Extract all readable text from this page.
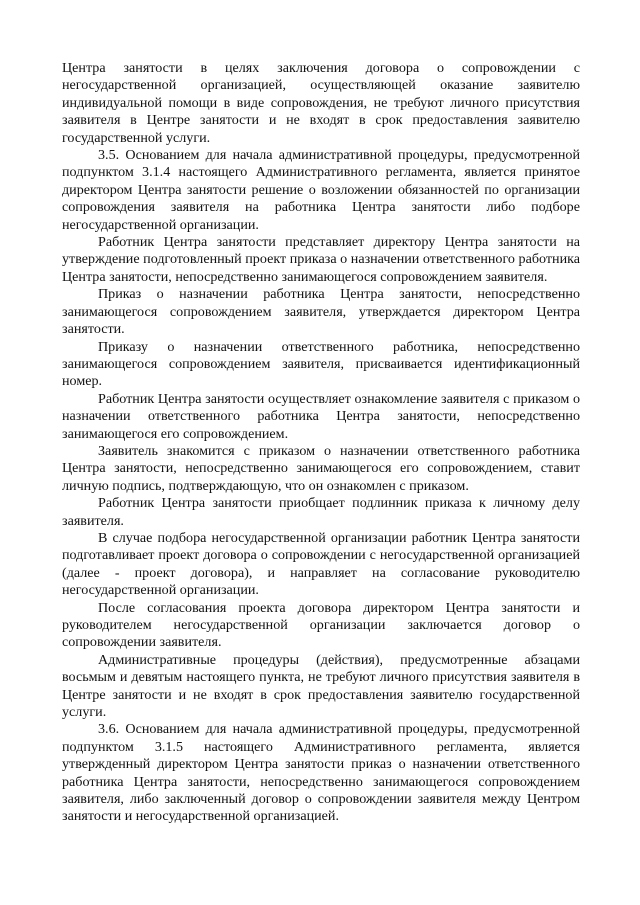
Центра занятости в целях заключения договора о сопровождении с негосударственной организацией, осуществляющей оказание заявителю индивидуальной помощи в виде сопровождения, не требуют личного присутствия заявителя в Центре занятости и не входят в срок предоставления заявителю государственной услуги.

3.5. Основанием для начала административной процедуры, предусмотренной подпунктом 3.1.4 настоящего Административного регламента, является принятое директором Центра занятости решение о возложении обязанностей по организации сопровождения заявителя на работника Центра занятости либо подборе негосударственной организации.

Работник Центра занятости представляет директору Центра занятости на утверждение подготовленный проект приказа о назначении ответственного работника Центра занятости, непосредственно занимающегося сопровождением заявителя.

Приказ о назначении работника Центра занятости, непосредственно занимающегося сопровождением заявителя, утверждается директором Центра занятости.

Приказу о назначении ответственного работника, непосредственно занимающегося сопровождением заявителя, присваивается идентификационный номер.

Работник Центра занятости осуществляет ознакомление заявителя с приказом о назначении ответственного работника Центра занятости, непосредственно занимающегося его сопровождением.

Заявитель знакомится с приказом о назначении ответственного работника Центра занятости, непосредственно занимающегося его сопровождением, ставит личную подпись, подтверждающую, что он ознакомлен с приказом.

Работник Центра занятости приобщает подлинник приказа к личному делу заявителя.

В случае подбора негосударственной организации работник Центра занятости подготавливает проект договора о сопровождении с негосударственной организацией (далее - проект договора), и направляет на согласование руководителю негосударственной организации.

После согласования проекта договора директором Центра занятости и руководителем негосударственной организации заключается договор о сопровождении заявителя.

Административные процедуры (действия), предусмотренные абзацами восьмым и девятым настоящего пункта, не требуют личного присутствия заявителя в Центре занятости и не входят в срок предоставления заявителю государственной услуги.

3.6. Основанием для начала административной процедуры, предусмотренной подпунктом 3.1.5 настоящего Административного регламента, является утвержденный директором Центра занятости приказ о назначении ответственного работника Центра занятости, непосредственно занимающегося сопровождением заявителя, либо заключенный договор о сопровождении заявителя между Центром занятости и негосударственной организацией.
